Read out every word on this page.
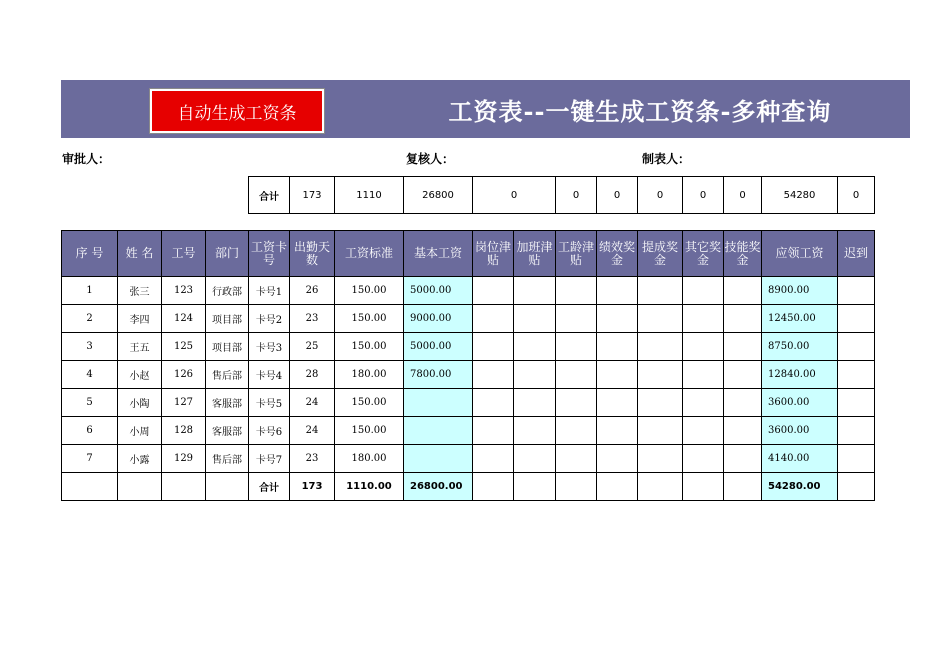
自动生成工资条	工资表--一键生成工资条-多种查询
审批人：	复核人：	制表人：
合计	173	1110	26800	0	0	0	0	0	0	54280	0
序 号	姓 名	工号	部门	工资卡号	出勤天数	工资标准	基本工资	岗位津贴	加班津贴	工龄津贴	绩效奖金	提成奖金	其它奖金	技能奖金	应领工资	迟到
1	张三	123	行政部	卡号1	26	150.00	5000.00								8900.00	
2	李四	124	项目部	卡号2	23	150.00	9000.00								12450.00	
3	王五	125	项目部	卡号3	25	150.00	5000.00								8750.00	
4	小赵	126	售后部	卡号4	28	180.00	7800.00								12840.00	
5	小陶	127	客服部	卡号5	24	150.00									3600.00	
6	小周	128	客服部	卡号6	24	150.00									3600.00	
7	小露	129	售后部	卡号7	23	180.00									4140.00	
				合计	173	1110.00	26800.00								54280.00	
